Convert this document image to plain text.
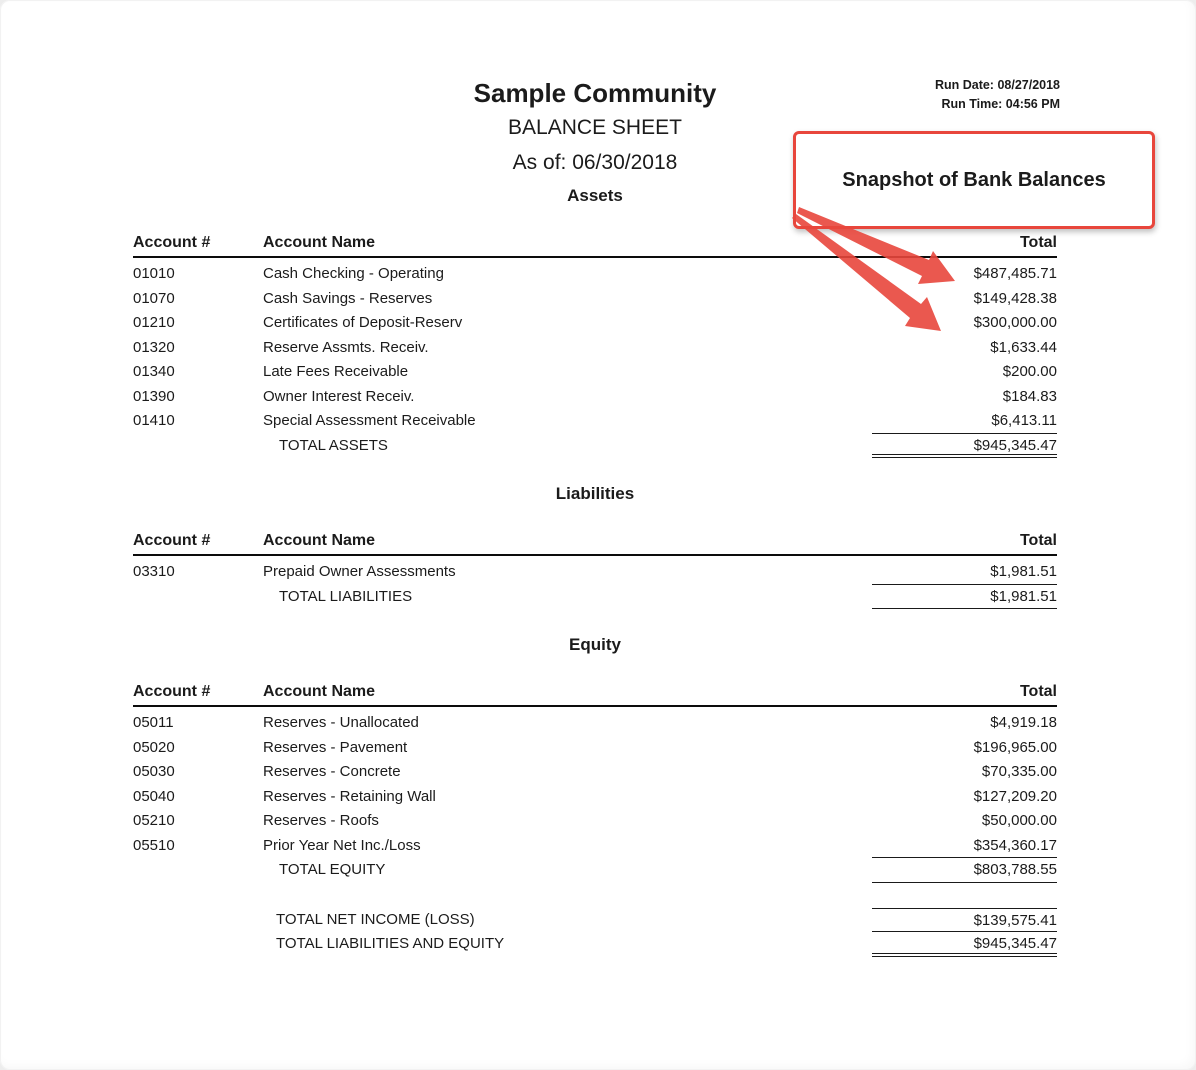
Run Date: 08/27/2018
Run Time: 04:56 PM
Sample Community
BALANCE SHEET
As of: 06/30/2018
Assets
Account #	Account Name	Total
01010	Cash Checking - Operating	$487,485.71
01070	Cash Savings - Reserves	$149,428.38
01210	Certificates of Deposit-Reserv	$300,000.00
01320	Reserve Assmts. Receiv.	$1,633.44
01340	Late Fees Receivable	$200.00
01390	Owner Interest Receiv.	$184.83
01410	Special Assessment Receivable	$6,413.11
TOTAL ASSETS	$945,345.47
Liabilities
Account #	Account Name	Total
03310	Prepaid Owner Assessments	$1,981.51
TOTAL LIABILITIES	$1,981.51
Equity
Account #	Account Name	Total
05011	Reserves - Unallocated	$4,919.18
05020	Reserves - Pavement	$196,965.00
05030	Reserves - Concrete	$70,335.00
05040	Reserves - Retaining Wall	$127,209.20
05210	Reserves - Roofs	$50,000.00
05510	Prior Year Net Inc./Loss	$354,360.17
TOTAL EQUITY	$803,788.55
TOTAL NET INCOME (LOSS)	$139,575.41
TOTAL LIABILITIES AND EQUITY	$945,345.47
Snapshot of Bank Balances
